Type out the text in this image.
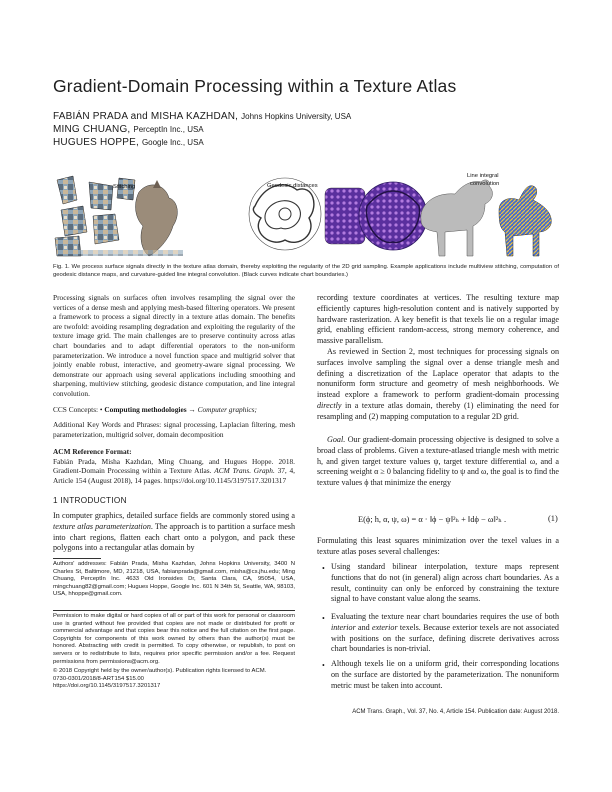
Gradient-Domain Processing within a Texture Atlas
FABIÁN PRADA and MISHA KAZHDAN, Johns Hopkins University, USA
MING CHUANG, PerceptIn Inc., USA
HUGUES HOPPE, Google Inc., USA
Stitching	Geodesic distances
Line integral
convolution
Fig. 1. We process surface signals directly in the texture atlas domain, thereby exploiting the regularity of the 2D grid sampling. Example applications include multiview stitching, computation of geodesic distance maps, and curvature-guided line integral convolution. (Black curves indicate chart boundaries.)

Processing signals on surfaces often involves resampling the signal over the vertices of a dense mesh and applying mesh-based filtering operators. We present a framework to process a signal directly in a texture atlas domain. The benefits are twofold: avoiding resampling degradation and exploiting the regularity of the texture image grid. The main challenges are to preserve continuity across atlas chart boundaries and to adapt differential operators to the non-uniform parameterization. We introduce a novel function space and multigrid solver that jointly enable robust, interactive, and geometry-aware signal processing. We demonstrate our approach using several applications including smoothing and sharpening, multiview stitching, geodesic distance computation, and line integral convolution.

CCS Concepts: • Computing methodologies → Computer graphics;

Additional Key Words and Phrases: signal processing, Laplacian filtering, mesh parameterization, multigrid solver, domain decomposition

ACM Reference Format:

Fabián Prada, Misha Kazhdan, Ming Chuang, and Hugues Hoppe. 2018. Gradient-Domain Processing within a Texture Atlas. ACM Trans. Graph. 37, 4, Article 154 (August 2018), 14 pages. https://doi.org/10.1145/3197517.3201317

1 INTRODUCTION

In computer graphics, detailed surface fields are commonly stored using a texture atlas parameterization. The approach is to partition a surface mesh into chart regions, flatten each chart onto a polygon, and pack these polygons into a rectangular atlas domain by

Authors' addresses: Fabián Prada, Misha Kazhdan, Johns Hopkins University, 3400 N Charles St, Baltimore, MD, 21218, USA, fabianprada@gmail.com, misha@cs.jhu.edu; Ming Chuang, PerceptIn Inc. 4633 Old Ironsides Dr, Santa Clara, CA, 95054, USA, mingchuang82@gmail.com; Hugues Hoppe, Google Inc. 601 N 34th St, Seattle, WA, 98103, USA, hhoppe@gmail.com.
Permission to make digital or hard copies of all or part of this work for personal or classroom use is granted without fee provided that copies are not made or distributed for profit or commercial advantage and that copies bear this notice and the full citation on the first page. Copyrights for components of this work owned by others than the author(s) must be honored. Abstracting with credit is permitted. To copy otherwise, or republish, to post on servers or to redistribute to lists, requires prior specific permission and/or a fee. Request permissions from permissions@acm.org.
© 2018 Copyright held by the owner/author(s). Publication rights licensed to ACM.
0730-0301/2018/8-ART154 $15.00
https://doi.org/10.1145/3197517.3201317

recording texture coordinates at vertices. The resulting texture map efficiently captures high-resolution content and is natively supported by hardware rasterization. A key benefit is that texels lie on a regular image grid, enabling efficient random-access, strong memory coherence, and massive parallelism.

As reviewed in Section 2, most techniques for processing signals on surfaces involve sampling the signal over a dense triangle mesh and defining a discretization of the Laplace operator that adapts to the nonuniform form structure and geometry of mesh neighborhoods. We instead explore a framework to perform gradient-domain processing directly in a texture atlas domain, thereby (1) eliminating the need for resampling and (2) mapping computation to a regular 2D grid.

Goal. Our gradient-domain processing objective is designed to solve a broad class of problems. Given a texture-atlased triangle mesh with metric h, and given target texture values ψ, target texture differential ω, and a screening weight α ≥ 0 balancing fidelity to ψ and ω, the goal is to find the texture values ϕ that minimize the energy

E(ϕ; h, α, ψ, ω) = α · ‖ϕ − ψ‖²ₕ + ‖dϕ − ω‖²ₕ .	(1)

Formulating this least squares minimization over the texel values in a texture atlas poses several challenges:

• Using standard bilinear interpolation, texture maps represent functions that do not (in general) align across chart boundaries. As a result, continuity can only be enforced by constraining the texture signal to have constant value along the seams.

• Evaluating the texture near chart boundaries requires the use of both interior and exterior texels. Because exterior texels are not associated with positions on the surface, defining discrete derivatives across chart boundaries is non-trivial.

• Although texels lie on a uniform grid, their corresponding locations on the surface are distorted by the parameterization. The nonuniform metric must be taken into account.

ACM Trans. Graph., Vol. 37, No. 4, Article 154. Publication date: August 2018.
